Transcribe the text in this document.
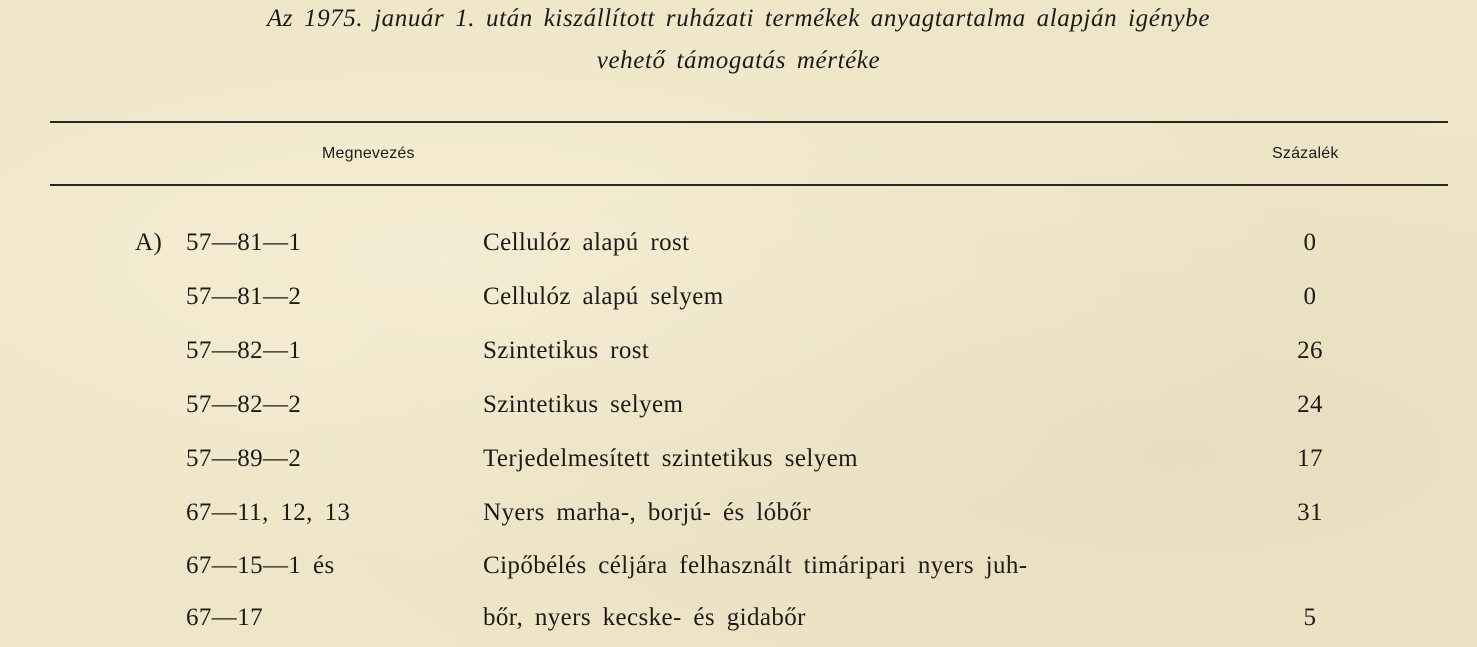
Az 1975. január 1. után kiszállított ruházati termékek anyagtartalma alapján igénybe
vehető támogatás mértéke
Megnevezés	Százalék
A) 57—81—1	Cellulóz alapú rost	0
57—81—2	Cellulóz alapú selyem	0
57—82—1	Szintetikus rost	26
57—82—2	Szintetikus selyem	24
57—89—2	Terjedelmesített szintetikus selyem	17
67—11, 12, 13	Nyers marha-, borjú- és lóbőr	31
67—15—1 és	Cipőbélés céljára felhasznált timáripari nyers juh-
67—17	bőr, nyers kecske- és gidabőr	5
